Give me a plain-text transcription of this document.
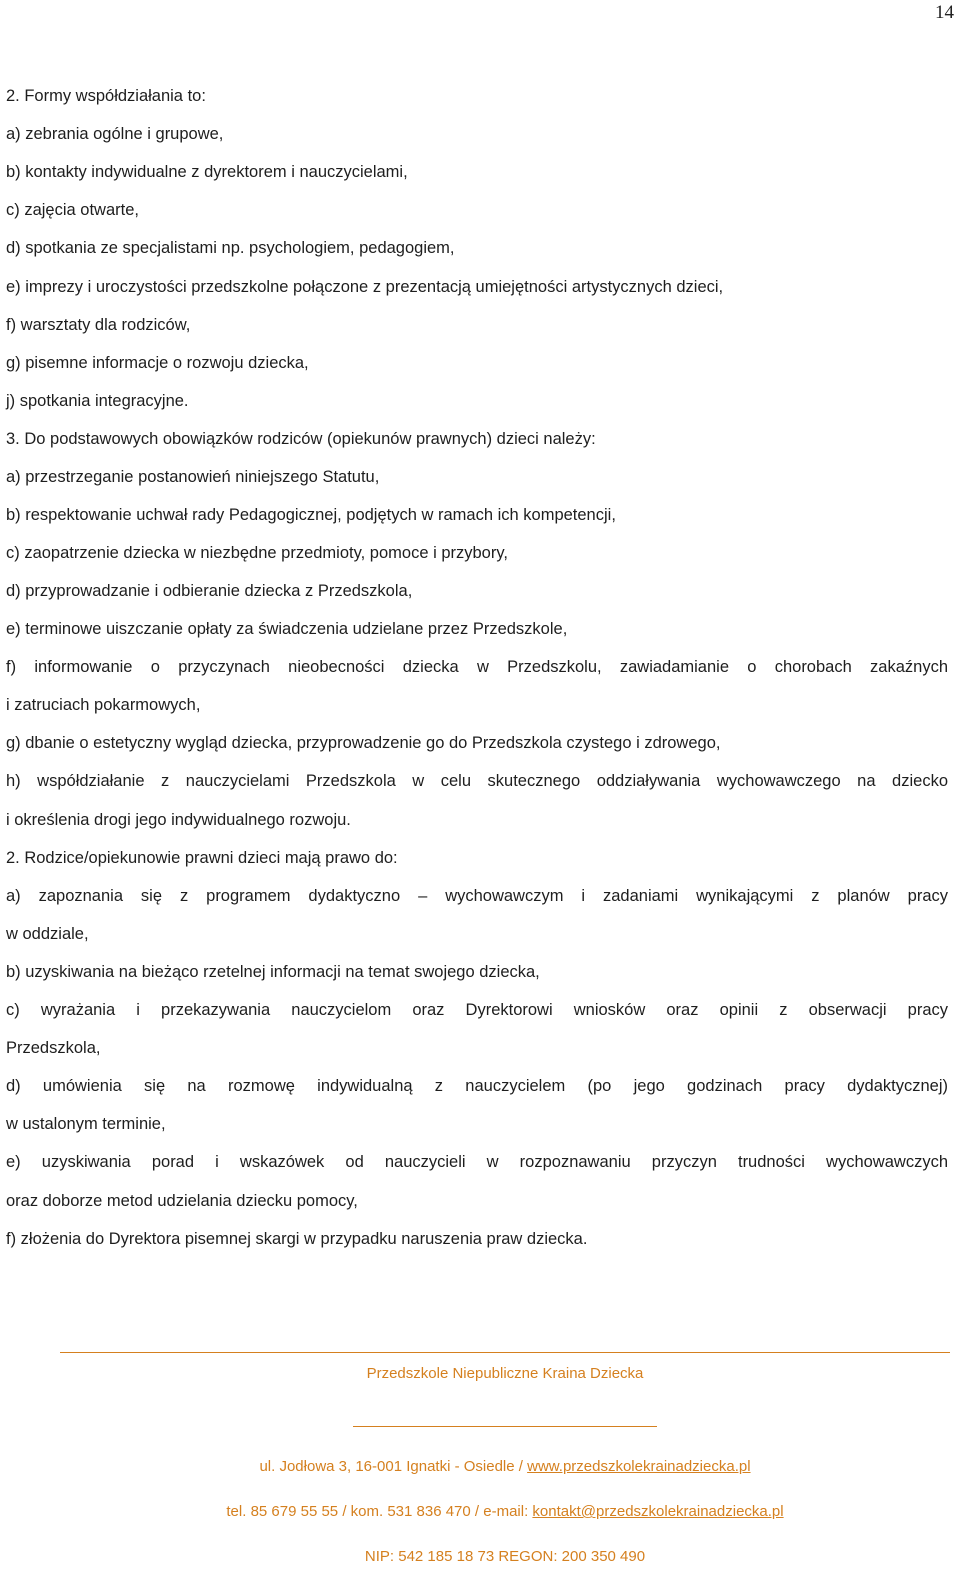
14
2. Formy współdziałania to:
a) zebrania ogólne i grupowe,
b) kontakty indywidualne z dyrektorem i nauczycielami,
c) zajęcia otwarte,
d) spotkania ze specjalistami np. psychologiem, pedagogiem,
e) imprezy i uroczystości przedszkolne połączone z prezentacją umiejętności artystycznych dzieci,
f) warsztaty dla rodziców,
g) pisemne informacje o rozwoju dziecka,
j) spotkania integracyjne.
3. Do podstawowych obowiązków rodziców (opiekunów prawnych) dzieci należy:
a) przestrzeganie postanowień niniejszego Statutu,
b) respektowanie uchwał rady Pedagogicznej, podjętych w ramach ich kompetencji,
c) zaopatrzenie dziecka w niezbędne przedmioty, pomoce i przybory,
d) przyprowadzanie i odbieranie dziecka z Przedszkola,
e) terminowe uiszczanie opłaty za świadczenia udzielane przez Przedszkole,
f) informowanie o przyczynach nieobecności dziecka w Przedszkolu, zawiadamianie o chorobach zakaźnych
i zatruciach pokarmowych,
g) dbanie o estetyczny wygląd dziecka, przyprowadzenie go do Przedszkola czystego i zdrowego,
h) współdziałanie z nauczycielami Przedszkola w celu skutecznego oddziaływania wychowawczego na dziecko
i określenia drogi jego indywidualnego rozwoju.
2. Rodzice/opiekunowie prawni dzieci mają prawo do:
a) zapoznania się z programem dydaktyczno – wychowawczym i zadaniami wynikającymi z planów pracy
w oddziale,
b) uzyskiwania na bieżąco rzetelnej informacji na temat swojego dziecka,
c) wyrażania i przekazywania nauczycielom oraz Dyrektorowi wniosków oraz opinii z obserwacji pracy
Przedszkola,
d) umówienia się na rozmowę indywidualną z nauczycielem (po jego godzinach pracy dydaktycznej)
w ustalonym terminie,
e) uzyskiwania porad i wskazówek od nauczycieli w rozpoznawaniu przyczyn trudności wychowawczych
oraz doborze metod udzielania dziecku pomocy,
f) złożenia do Dyrektora pisemnej skargi w przypadku naruszenia praw dziecka.
Przedszkole Niepubliczne Kraina Dziecka
ul. Jodłowa 3, 16-001 Ignatki - Osiedle / www.przedszkolekrainadziecka.pl
tel. 85 679 55 55 / kom. 531 836 470 / e-mail: kontakt@przedszkolekrainadziecka.pl
NIP: 542 185 18 73 REGON: 200 350 490
